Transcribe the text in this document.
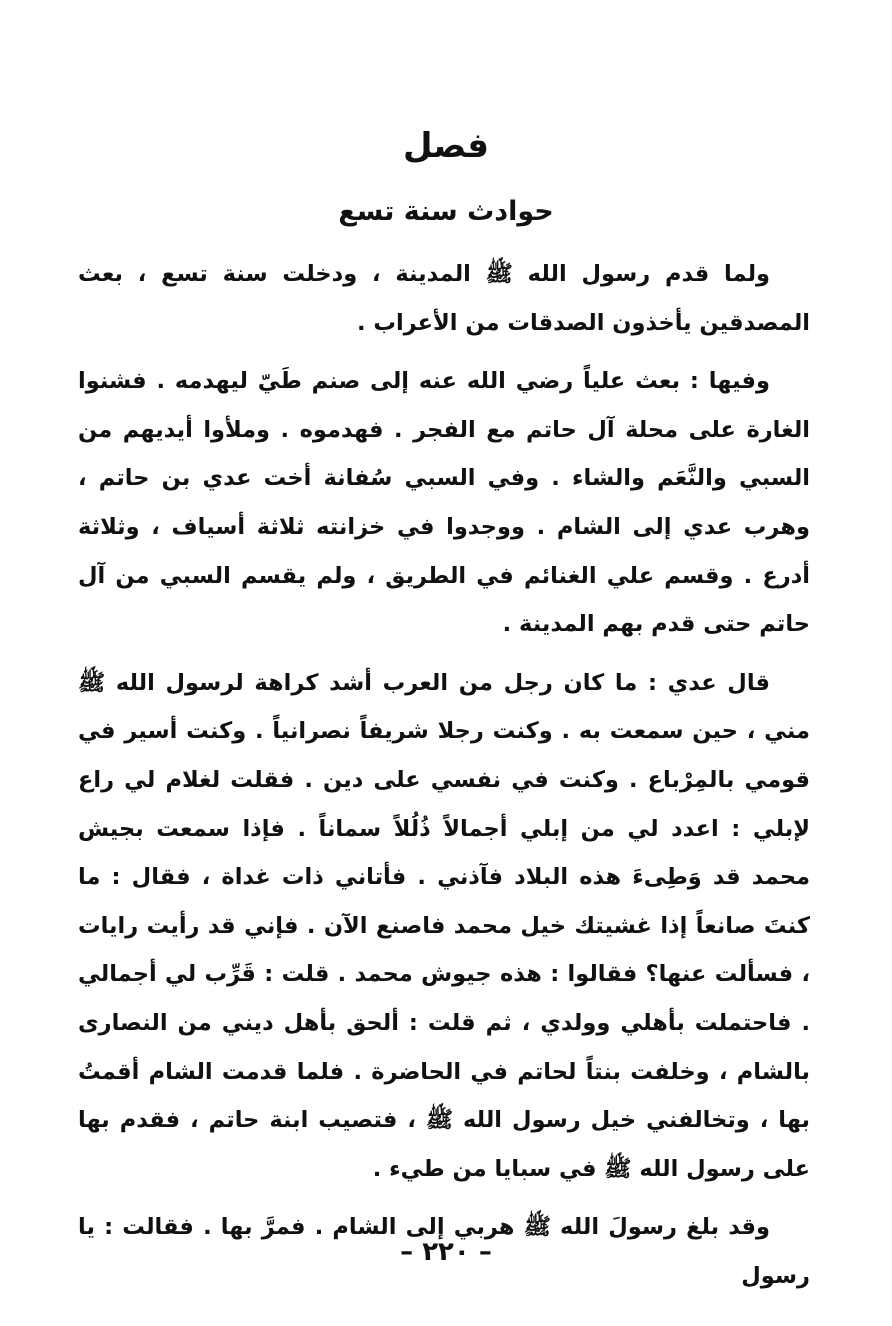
فصل
حوادث سنة تسع

ولما قدم رسول الله ﷺ المدينة ، ودخلت سنة تسع ، بعث المصدقين يأخذون الصدقات من الأعراب .

وفيها : بعث علياً رضي الله عنه إلى صنم طَيّ ليهدمه . فشنوا الغارة على محلة آل حاتم مع الفجر . فهدموه . وملأوا أيديهم من السبي والنَّعَم والشاء . وفي السبي سُفانة أخت عدي بن حاتم ، وهرب عدي إلى الشام . ووجدوا في خزانته ثلاثة أسياف ، وثلاثة أدرع . وقسم علي الغنائم في الطريق ، ولم يقسم السبي من آل حاتم حتى قدم بهم المدينة .

قال عدي : ما كان رجل من العرب أشد كراهة لرسول الله ﷺ مني ، حين سمعت به . وكنت رجلا شريفاً نصرانياً . وكنت أسير في قومي بالمِرْباع . وكنت في نفسي على دين . فقلت لغلام لي راع لإبلي : اعدد لي من إبلي أجمالاً ذُلُلاً سماناً . فإذا سمعت بجيش محمد قد وَطِىءَ هذه البلاد فآذني . فأتاني ذات غداة ، فقال : ما كنتَ صانعاً إذا غشيتك خيل محمد فاصنع الآن . فإني قد رأيت رايات ، فسألت عنها؟ فقالوا : هذه جيوش محمد . قلت : قَرِّب لي أجمالي . فاحتملت بأهلي وولدي ، ثم قلت : ألحق بأهل ديني من النصارى بالشام ، وخلفت بنتاً لحاتم في الحاضرة . فلما قدمت الشام أقمتُ بها ، وتخالفني خيل رسول الله ﷺ ، فتصيب ابنة حاتم ، فقدم بها على رسول الله ﷺ في سبايا من طيء .

وقد بلغ رسولَ الله ﷺ هربي إلى الشام . فمرَّ بها . فقالت : يا رسول

– ٢٢٠ –
